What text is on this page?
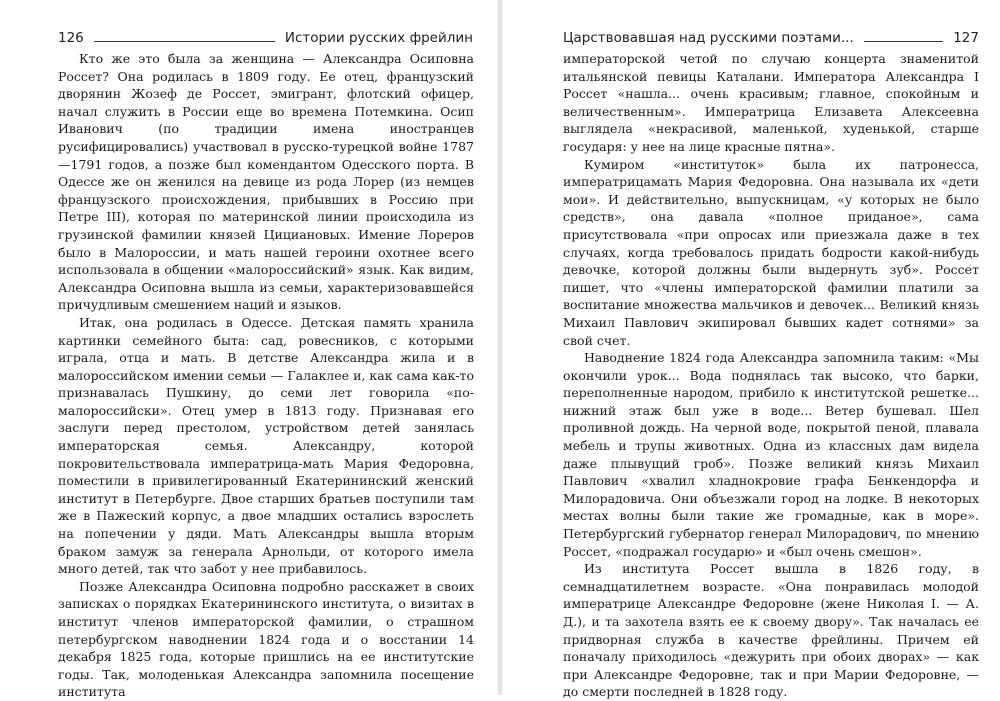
126	Истории русских фрейлин

Кто же это была за женщина — Александра Осиповна Россет? Она родилась в 1809 году. Ее отец, французский дворянин Жозеф де Россет, эмигрант, флотский офицер, начал служить в России еще во времена Потемкина. Осип Иванович (по традиции имена иностранцев русифицировались) участвовал в русско-турецкой войне 1787—1791 годов, а позже был комендантом Одесского порта. В Одессе же он женился на девице из рода Лорер (из немцев французского происхождения, прибывших в Россию при Петре III), которая по материнской линии происходила из грузинской фамилии князей Цициановых. Имение Лореров было в Малороссии, и мать нашей героини охотнее всего использовала в общении «малороссийский» язык. Как видим, Александра Осиповна вышла из семьи, характеризовавшейся причудливым смешением наций и языков.

Итак, она родилась в Одессе. Детская память хранила картинки семейного быта: сад, ровесников, с которыми играла, отца и мать. В детстве Александра жила и в малороссийском имении семьи — Галаклее и, как сама как-то признавалась Пушкину, до семи лет говорила «по-малороссийски». Отец умер в 1813 году. Признавая его заслуги перед престолом, устройством детей занялась императорская семья. Александру, которой покровительствовала императрица-мать Мария Федоровна, поместили в привилегированный Екатерининский женский институт в Петербурге. Двое старших братьев поступили там же в Пажеский корпус, а двое младших остались взрослеть на попечении у дяди. Мать Александры вышла вторым браком замуж за генерала Арнольди, от которого имела много детей, так что забот у нее прибавилось.

Позже Александра Осиповна подробно расскажет в своих записках о порядках Екатерининского института, о визитах в институт членов императорской фамилии, о страшном петербургском наводнении 1824 года и о восстании 14 декабря 1825 года, которые пришлись на ее институтские годы. Так, молоденькая Александра запомнила посещение института

Царствовавшая над русскими поэтами...	127

императорской четой по случаю концерта знаменитой итальянской певицы Каталани. Императора Александра I Россет «нашла... очень красивым; главное, спокойным и величественным». Императрица Елизавета Алексеевна выглядела «некрасивой, маленькой, худенькой, старше государя: у нее на лице красные пятна».

Кумиром «институток» была их патронесса, императрицамать Мария Федоровна. Она называла их «дети мои». И действительно, выпускницам, «у которых не было средств», она давала «полное приданое», сама присутствовала «при опросах или приезжала даже в тех случаях, когда требовалось придать бодрости какой-нибудь девочке, которой должны были выдернуть зуб». Россет пишет, что «члены императорской фамилии платили за воспитание множества мальчиков и девочек... Великий князь Михаил Павлович экипировал бывших кадет сотнями» за свой счет.

Наводнение 1824 года Александра запомнила таким: «Мы окончили урок... Вода поднялась так высоко, что барки, переполненные народом, прибило к институтской решетке... нижний этаж был уже в воде... Ветер бушевал. Шел проливной дождь. На черной воде, покрытой пеной, плавала мебель и трупы животных. Одна из классных дам видела даже плывущий гроб». Позже великий князь Михаил Павлович «хвалил хладнокровие графа Бенкендорфа и Милорадовича. Они объезжали город на лодке. В некоторых местах волны были такие же громадные, как в море». Петербургский губернатор генерал Милорадович, по мнению Россет, «подражал государю» и «был очень смешон».

Из института Россет вышла в 1826 году, в семнадцатилетнем возрасте. «Она понравилась молодой императрице Александре Федоровне (жене Николая I. — А. Д.), и та захотела взять ее к своему двору». Так началась ее придворная служба в качестве фрейлины. Причем ей поначалу приходилось «дежурить при обоих дворах» — как при Александре Федоровне, так и при Марии Федоровне, — до смерти последней в 1828 году.
